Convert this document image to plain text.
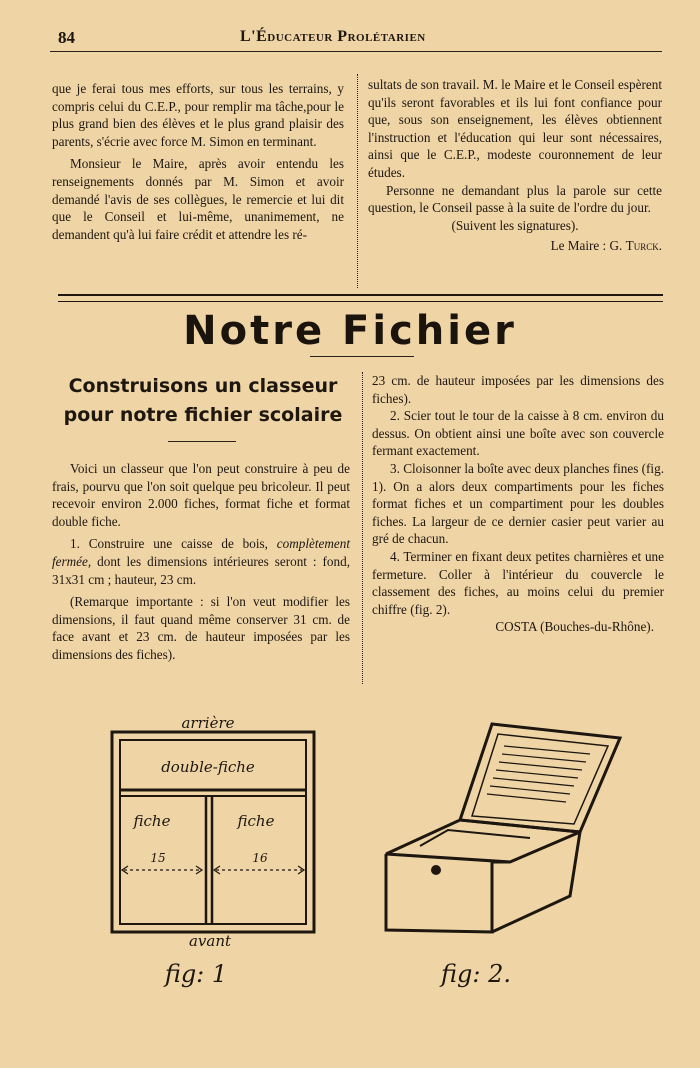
84	L'Éducateur Prolétarien

que je ferai tous mes efforts, sur tous les terrains, y compris celui du C.E.P., pour remplir ma tâche,pour le plus grand bien des élèves et le plus grand plaisir des parents, s'écrie avec force M. Simon en terminant.

Monsieur le Maire, après avoir entendu les renseignements donnés par M. Simon et avoir demandé l'avis de ses collègues, le remercie et lui dit que le Conseil et lui-même, unanimement, ne demandent qu'à lui faire crédit et attendre les ré-

sultats de son travail. M. le Maire et le Conseil espèrent qu'ils seront favorables et ils lui font confiance pour que, sous son enseignement, les élèves obtiennent l'instruction et l'éducation qui leur sont nécessaires, ainsi que le C.E.P., modeste couronnement de leur études.

Personne ne demandant plus la parole sur cette question, le Conseil passe à la suite de l'ordre du jour.

(Suivent les signatures).

Le Maire : G. Turck.

Notre Fichier
Construisons un classeur
pour notre fichier scolaire

Voici un classeur que l'on peut construire à peu de frais, pourvu que l'on soit quelque peu bricoleur. Il peut recevoir environ 2.000 fiches, format fiche et format double fiche.

1. Construire une caisse de bois, complètement fermée, dont les dimensions intérieures seront : fond, 31x31 cm ; hauteur, 23 cm.

(Remarque importante : si l'on veut modifier les dimensions, il faut quand même conserver 31 cm. de face avant et 23 cm. de hauteur imposées par les dimensions des fiches).

23 cm. de hauteur imposées par les dimensions des fiches).

2. Scier tout le tour de la caisse à 8 cm. environ du dessus. On obtient ainsi une boîte avec son couvercle fermant exactement.

3. Cloisonner la boîte avec deux planches fines (fig. 1). On a alors deux compartiments pour les fiches format fiches et un compartiment pour les doubles fiches. La largeur de ce dernier casier peut varier au gré de chacun.

4. Terminer en fixant deux petites charnières et une fermeture. Coller à l'intérieur du couvercle le classement des fiches, au moins celui du premier chiffre (fig. 2).

COSTA (Bouches-du-Rhône).

arrière
double-fiche
fiche	fiche
15	16
avant
fig: 1	fig: 2.
